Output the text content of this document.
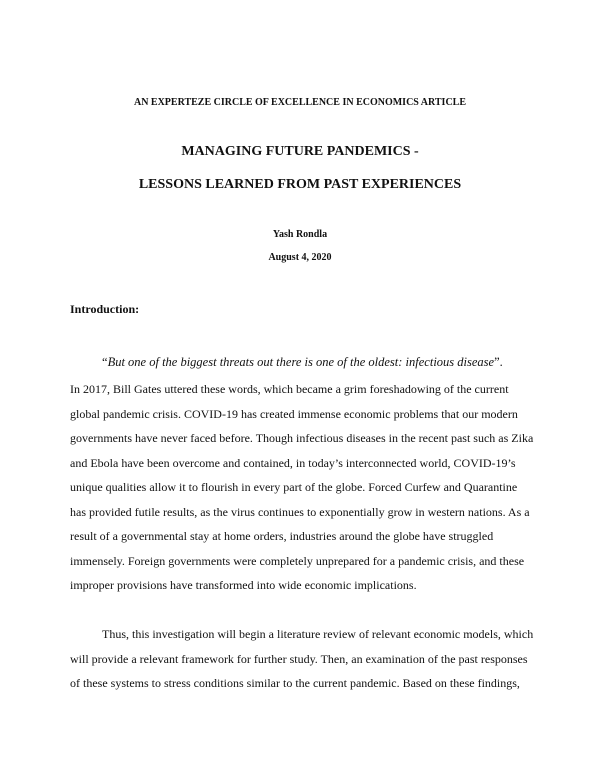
AN EXPERTEZE CIRCLE OF EXCELLENCE IN ECONOMICS ARTICLE
MANAGING FUTURE PANDEMICS -
LESSONS LEARNED FROM PAST EXPERIENCES
Yash Rondla
August 4, 2020
Introduction:
“But one of the biggest threats out there is one of the oldest: infectious disease”.

In 2017, Bill Gates uttered these words, which became a grim foreshadowing of the current global pandemic crisis. COVID-19 has created immense economic problems that our modern governments have never faced before. Though infectious diseases in the recent past such as Zika and Ebola have been overcome and contained, in today’s interconnected world, COVID-19’s unique qualities allow it to flourish in every part of the globe. Forced Curfew and Quarantine has provided futile results, as the virus continues to exponentially grow in western nations. As a result of a governmental stay at home orders, industries around the globe have struggled immensely. Foreign governments were completely unprepared for a pandemic crisis, and these improper provisions have transformed into wide economic implications.

Thus, this investigation will begin a literature review of relevant economic models, which will provide a relevant framework for further study. Then, an examination of the past responses of these systems to stress conditions similar to the current pandemic. Based on these findings,
